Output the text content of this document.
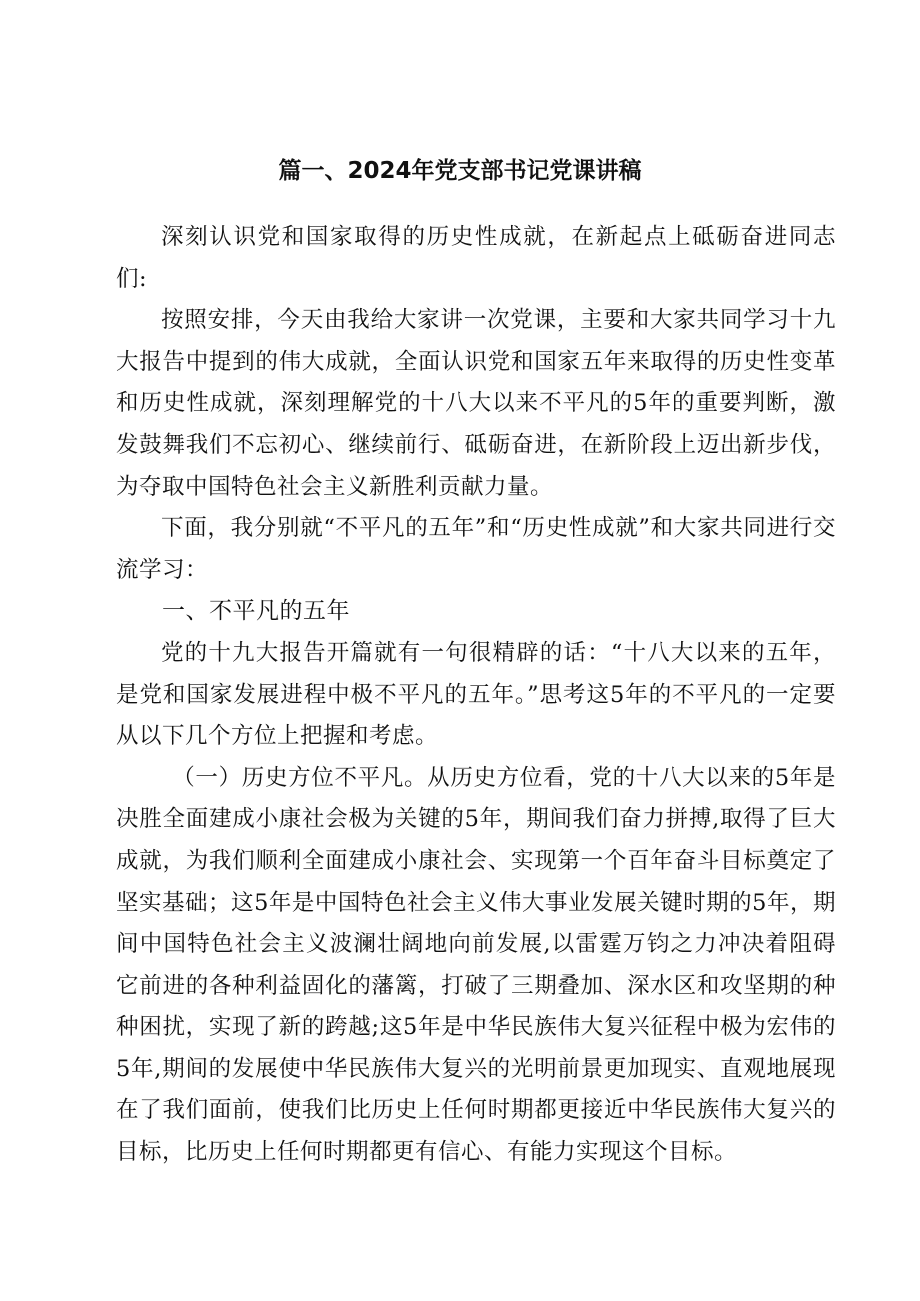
篇一、2024年党支部书记党课讲稿

深刻认识党和国家取得的历史性成就，在新起点上砥砺奋进同志们:

按照安排，今天由我给大家讲一次党课，主要和大家共同学习十九大报告中提到的伟大成就，全面认识党和国家五年来取得的历史性变革和历史性成就，深刻理解党的十八大以来不平凡的5年的重要判断，激发鼓舞我们不忘初心、继续前行、砥砺奋进，在新阶段上迈出新步伐，为夺取中国特色社会主义新胜利贡献力量。

下面，我分别就“不平凡的五年”和“历史性成就”和大家共同进行交流学习：

一、不平凡的五年

党的十九大报告开篇就有一句很精辟的话：“十八大以来的五年，是党和国家发展进程中极不平凡的五年。”思考这5年的不平凡的一定要从以下几个方位上把握和考虑。

（一）历史方位不平凡。从历史方位看，党的十八大以来的5年是决胜全面建成小康社会极为关键的5年，期间我们奋力拼搏,取得了巨大成就，为我们顺利全面建成小康社会、实现第一个百年奋斗目标奠定了坚实基础；这5年是中国特色社会主义伟大事业发展关键时期的5年，期间中国特色社会主义波澜壮阔地向前发展,以雷霆万钧之力冲决着阻碍它前进的各种利益固化的藩篱，打破了三期叠加、深水区和攻坚期的种种困扰，实现了新的跨越;这5年是中华民族伟大复兴征程中极为宏伟的5年,期间的发展使中华民族伟大复兴的光明前景更加现实、直观地展现在了我们面前，使我们比历史上任何时期都更接近中华民族伟大复兴的目标，比历史上任何时期都更有信心、有能力实现这个目标。
